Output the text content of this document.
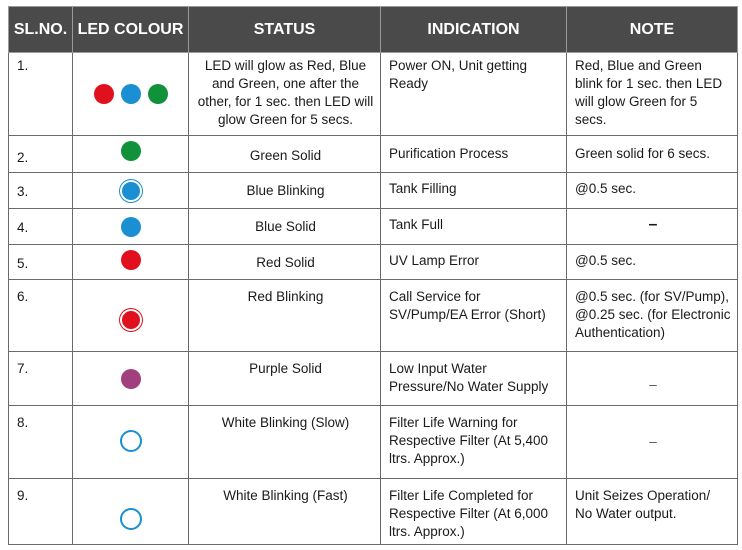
SL.NO.	LED COLOUR	STATUS	INDICATION	NOTE
1.		LED will glow as Red, Blue and Green, one after the other, for 1 sec. then LED will glow Green for 5 secs.	Power ON, Unit getting Ready	Red, Blue and Green blink for 1 sec. then LED will glow Green for 5 secs.
2.		Green Solid	Purification Process	Green solid for 6 secs.
3.		Blue Blinking	Tank Filling	@0.5 sec.
4.		Blue Solid	Tank Full	–
5.		Red Solid	UV Lamp Error	@0.5 sec.
6.		Red Blinking	Call Service for SV/Pump/EA Error (Short)	@0.5 sec. (for SV/Pump), @0.25 sec. (for Electronic Authentication)
7.		Purple Solid	Low Input Water Pressure/No Water Supply	–
8.		White Blinking (Slow)	Filter Life Warning for Respective Filter (At 5,400 ltrs. Approx.)	–
9.		White Blinking (Fast)	Filter Life Completed for Respective Filter (At 6,000 ltrs. Approx.)	Unit Seizes Operation/ No Water output.
